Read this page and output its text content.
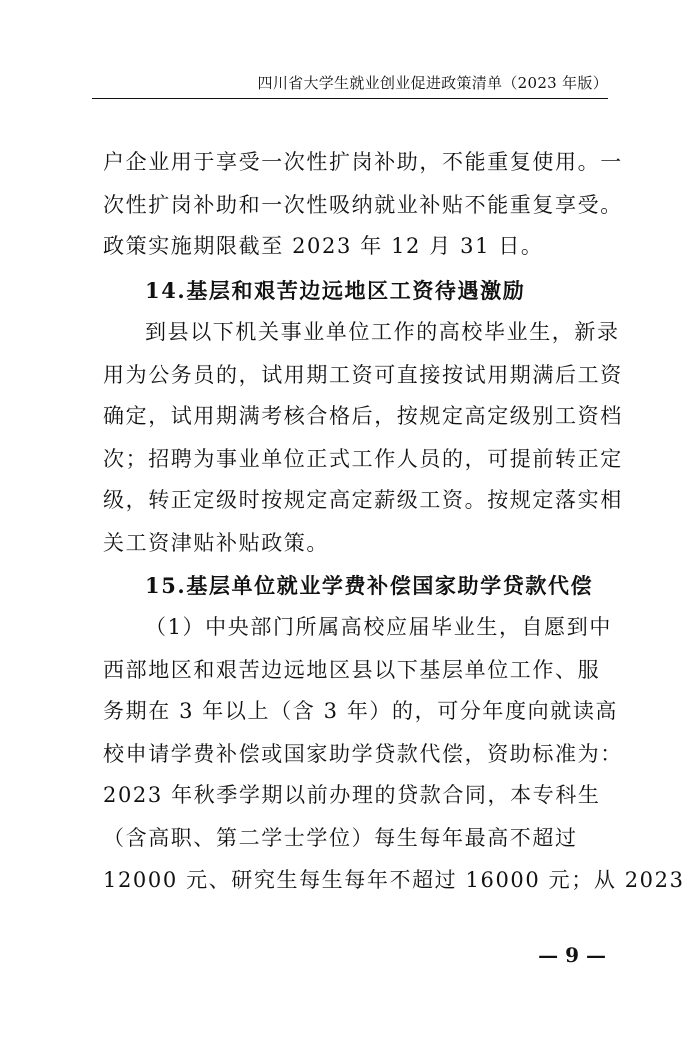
四川省大学生就业创业促进政策清单（2023 年版）
户企业用于享受一次性扩岗补助，不能重复使用。一
次性扩岗补助和一次性吸纳就业补贴不能重复享受。
政策实施期限截至 2023 年 12 月 31 日。
14.基层和艰苦边远地区工资待遇激励
到县以下机关事业单位工作的高校毕业生，新录
用为公务员的，试用期工资可直接按试用期满后工资
确定，试用期满考核合格后，按规定高定级别工资档
次；招聘为事业单位正式工作人员的，可提前转正定
级，转正定级时按规定高定薪级工资。按规定落实相
关工资津贴补贴政策。
15.基层单位就业学费补偿国家助学贷款代偿
（1）中央部门所属高校应届毕业生，自愿到中
西部地区和艰苦边远地区县以下基层单位工作、服
务期在 3 年以上（含 3 年）的，可分年度向就读高
校申请学费补偿或国家助学贷款代偿，资助标准为：
2023 年秋季学期以前办理的贷款合同，本专科生
（含高职、第二学士学位）每生每年最高不超过
12000 元、研究生每生每年不超过 16000 元；从 2023
— 9 —
